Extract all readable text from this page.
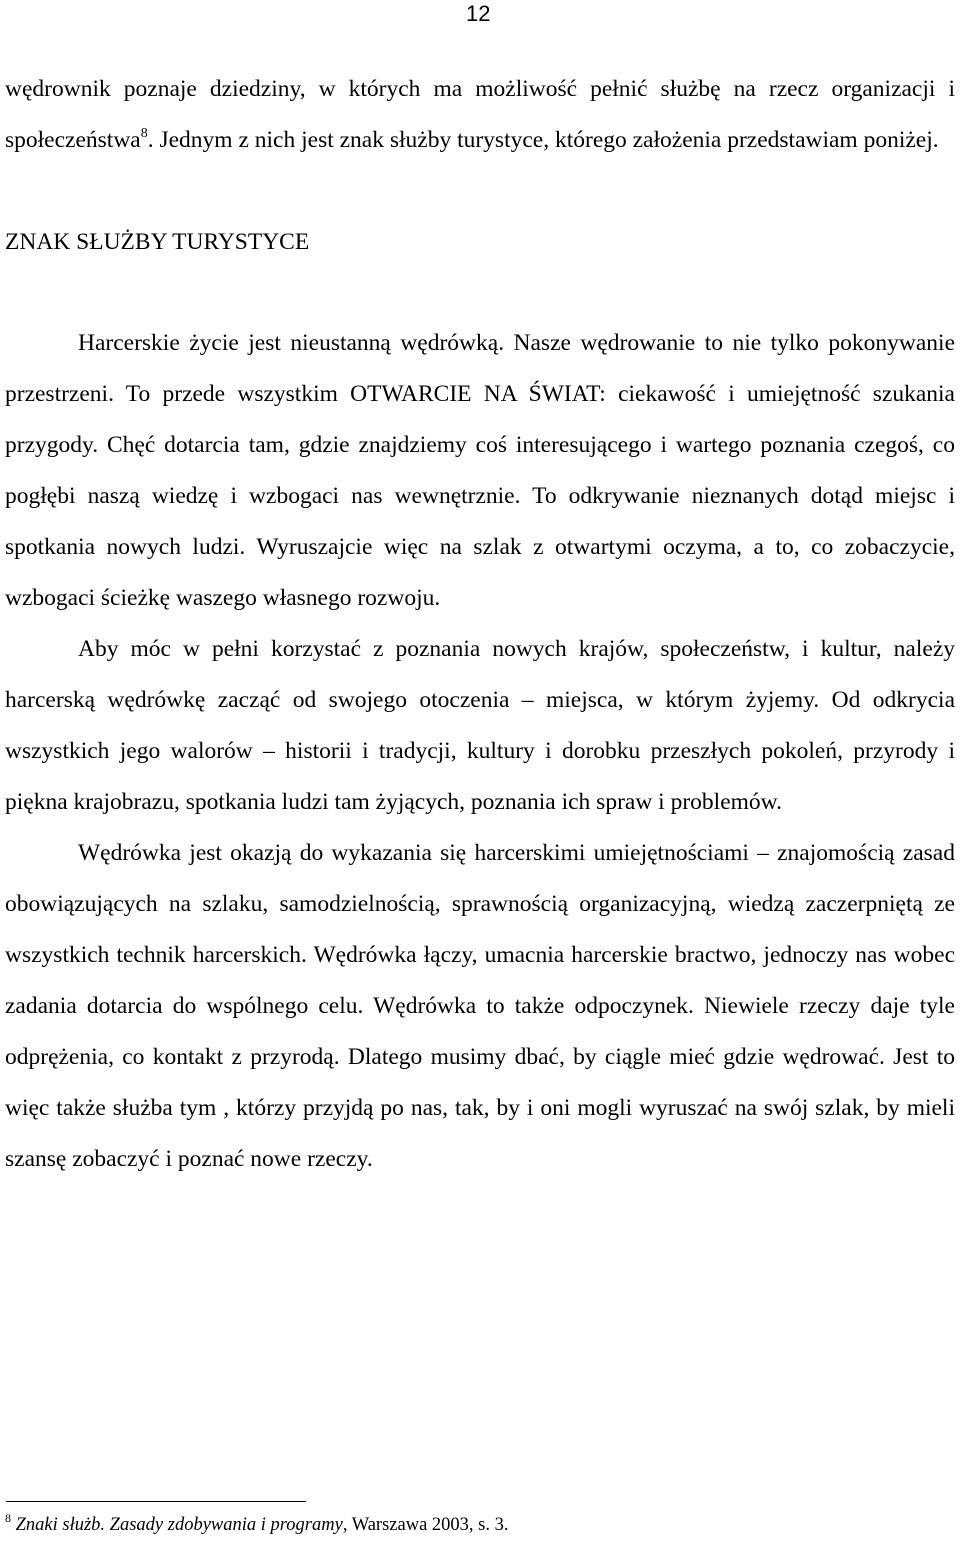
12

wędrownik poznaje dziedziny, w których ma możliwość pełnić służbę na rzecz organizacji i społeczeństwa$^8$. Jednym z nich jest znak służby turystyce, którego założenia przedstawiam poniżej.

ZNAK SŁUŻBY TURYSTYCE

Harcerskie życie jest nieustanną wędrówką. Nasze wędrowanie to nie tylko pokonywanie przestrzeni. To przede wszystkim OTWARCIE NA ŚWIAT: ciekawość i umiejętność szukania przygody. Chęć dotarcia tam, gdzie znajdziemy coś interesującego i wartego poznania czegoś, co pogłębi naszą wiedzę i wzbogaci nas wewnętrznie. To odkrywanie nieznanych dotąd miejsc i spotkania nowych ludzi. Wyruszajcie więc na szlak z otwartymi oczyma, a to, co zobaczycie, wzbogaci ścieżkę waszego własnego rozwoju.

Aby móc w pełni korzystać z poznania nowych krajów, społeczeństw, i kultur, należy harcerską wędrówkę zacząć od swojego otoczenia – miejsca, w którym żyjemy. Od odkrycia wszystkich jego walorów – historii i tradycji, kultury i dorobku przeszłych pokoleń, przyrody i piękna krajobrazu, spotkania ludzi tam żyjących, poznania ich spraw i problemów.

Wędrówka jest okazją do wykazania się harcerskimi umiejętnościami – znajomością zasad obowiązujących na szlaku, samodzielnością, sprawnością organizacyjną, wiedzą zaczerpniętą ze wszystkich technik harcerskich. Wędrówka łączy, umacnia harcerskie bractwo, jednoczy nas wobec zadania dotarcia do wspólnego celu. Wędrówka to także odpoczynek. Niewiele rzeczy daje tyle odprężenia, co kontakt z przyrodą. Dlatego musimy dbać, by ciągle mieć gdzie wędrować. Jest to więc także służba tym , którzy przyjdą po nas, tak, by i oni mogli wyruszać na swój szlak, by mieli szansę zobaczyć i poznać nowe rzeczy.

$^8$ Znaki służb. Zasady zdobywania i programy, Warszawa 2003, s. 3.
